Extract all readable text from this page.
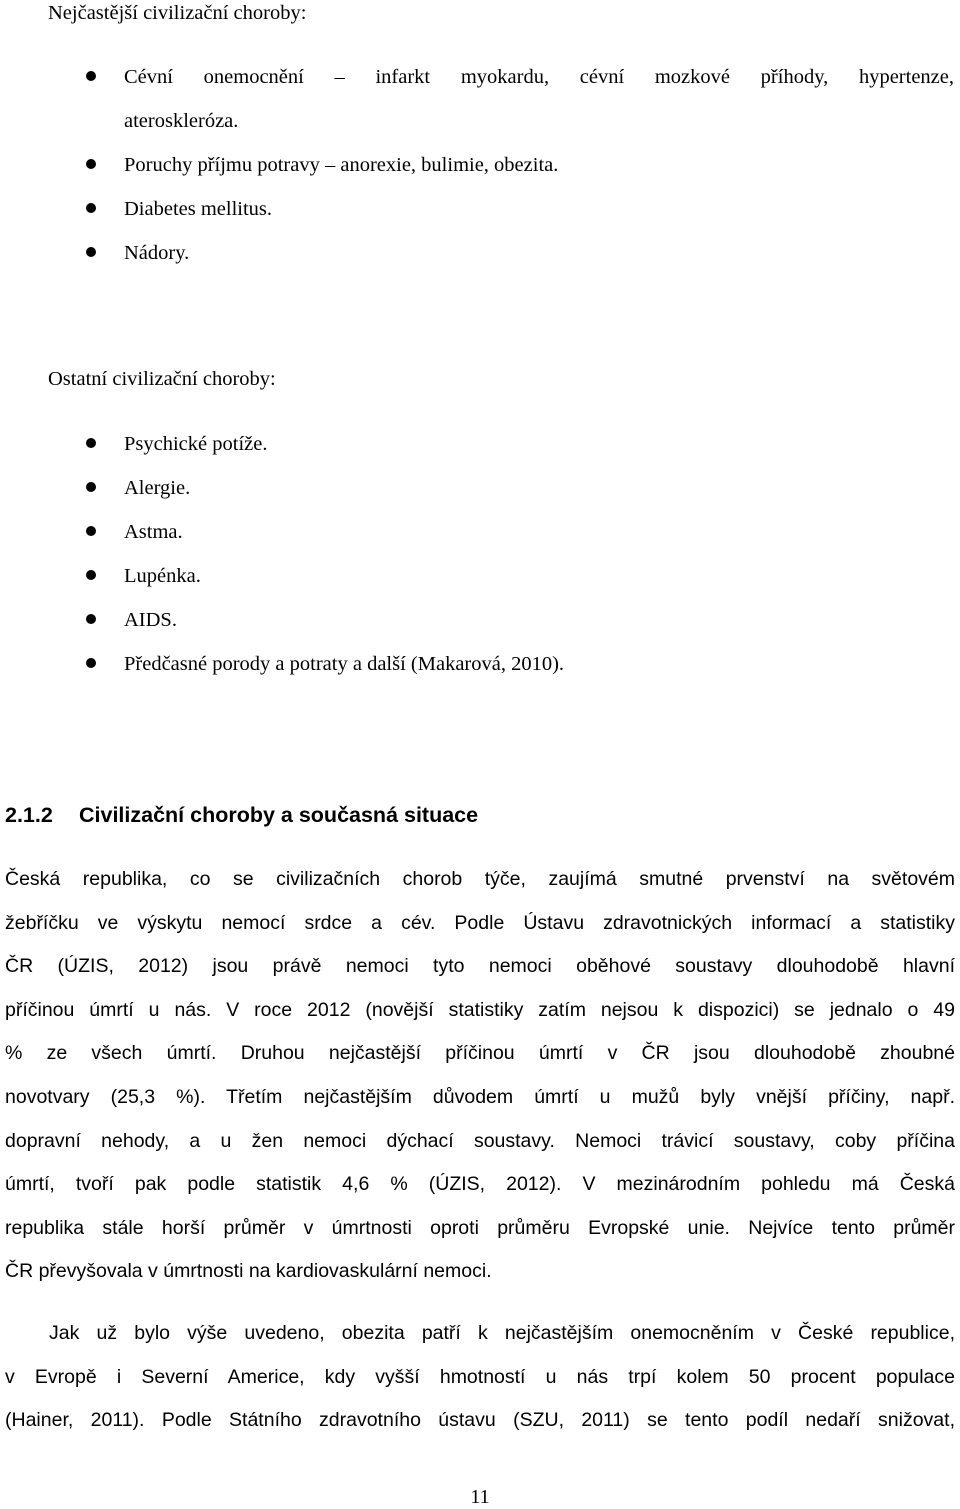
Nejčastější civilizační choroby:

Cévní onemocnění – infarkt myokardu, cévní mozkové příhody, hypertenze,
ateroskleróza.
Poruchy příjmu potravy – anorexie, bulimie, obezita.
Diabetes mellitus.
Nádory.

Ostatní civilizační choroby:

Psychické potíže.
Alergie.
Astma.
Lupénka.
AIDS.
Předčasné porody a potraty a další (Makarová, 2010).
2.1.2 Civilizační choroby a současná situace
Česká republika, co se civilizačních chorob týče, zaujímá smutné prvenství na světovém
žebříčku ve výskytu nemocí srdce a cév. Podle Ústavu zdravotnických informací a statistiky
ČR (ÚZIS, 2012) jsou právě nemoci tyto nemoci oběhové soustavy dlouhodobě hlavní
příčinou úmrtí u nás. V roce 2012 (novější statistiky zatím nejsou k dispozici) se jednalo o 49
% ze všech úmrtí. Druhou nejčastější příčinou úmrtí v ČR jsou dlouhodobě zhoubné
novotvary (25,3 %). Třetím nejčastějším důvodem úmrtí u mužů byly vnější příčiny, např.
dopravní nehody, a u žen nemoci dýchací soustavy. Nemoci trávicí soustavy, coby příčina
úmrtí, tvoří pak podle statistik 4,6 % (ÚZIS, 2012). V mezinárodním pohledu má Česká
republika stále horší průměr v úmrtnosti oproti průměru Evropské unie. Nejvíce tento průměr
ČR převyšovala v úmrtnosti na kardiovaskulární nemoci.
Jak už bylo výše uvedeno, obezita patří k nejčastějším onemocněním v České republice,
v Evropě i Severní Americe, kdy vyšší hmotností u nás trpí kolem 50 procent populace
(Hainer, 2011). Podle Státního zdravotního ústavu (SZU, 2011) se tento podíl nedaří snižovat,
11
